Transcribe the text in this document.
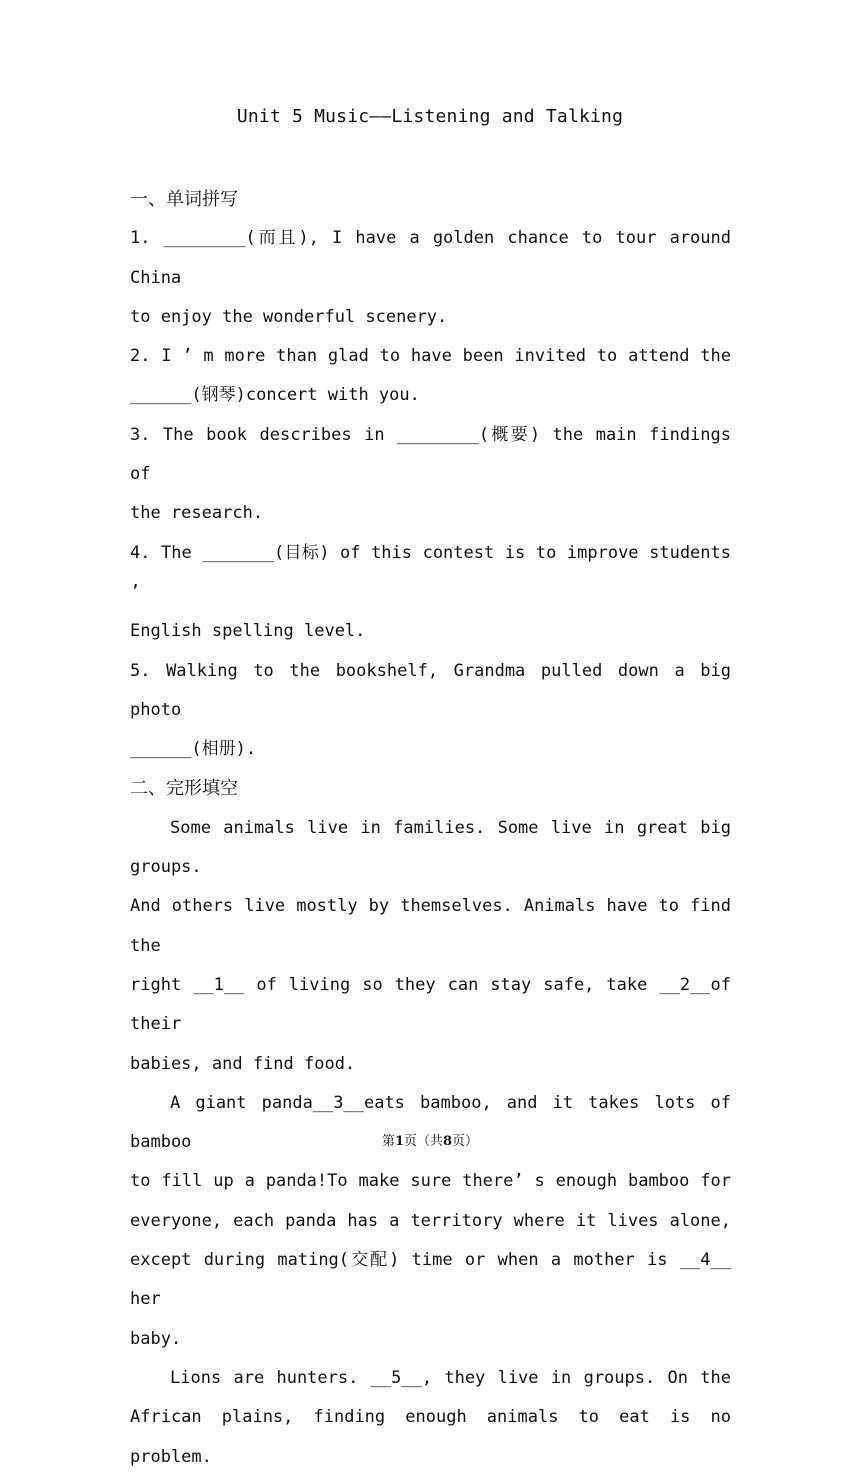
Unit 5 Music——Listening and Talking

一、单词拼写

1. ________(而且), I have a golden chance to tour around China

to enjoy the wonderful scenery.

2. I ’ m more than glad to have been invited to attend the

______(钢琴)concert with you.

3. The book describes in ________(概要) the main findings of

the research.

4. The _______(目标) of this contest is to improve students ’

English spelling level.

5. Walking to the bookshelf, Grandma pulled down a big photo

______(相册).

二、完形填空

Some animals live in families. Some live in great big groups.

And others live mostly by themselves. Animals have to find the

right __1__ of living so they can stay safe, take __2__of their

babies, and find food.

A giant panda__3__eats bamboo, and it takes lots of bamboo

to fill up a panda!To make sure there’ s enough bamboo for

everyone, each panda has a territory where it lives alone,

except during mating(交配) time or when a mother is __4__ her

baby.

Lions are hunters. __5__, they live in groups. On the

African plains, finding enough animals to eat is no problem.

第1页（共8页）
